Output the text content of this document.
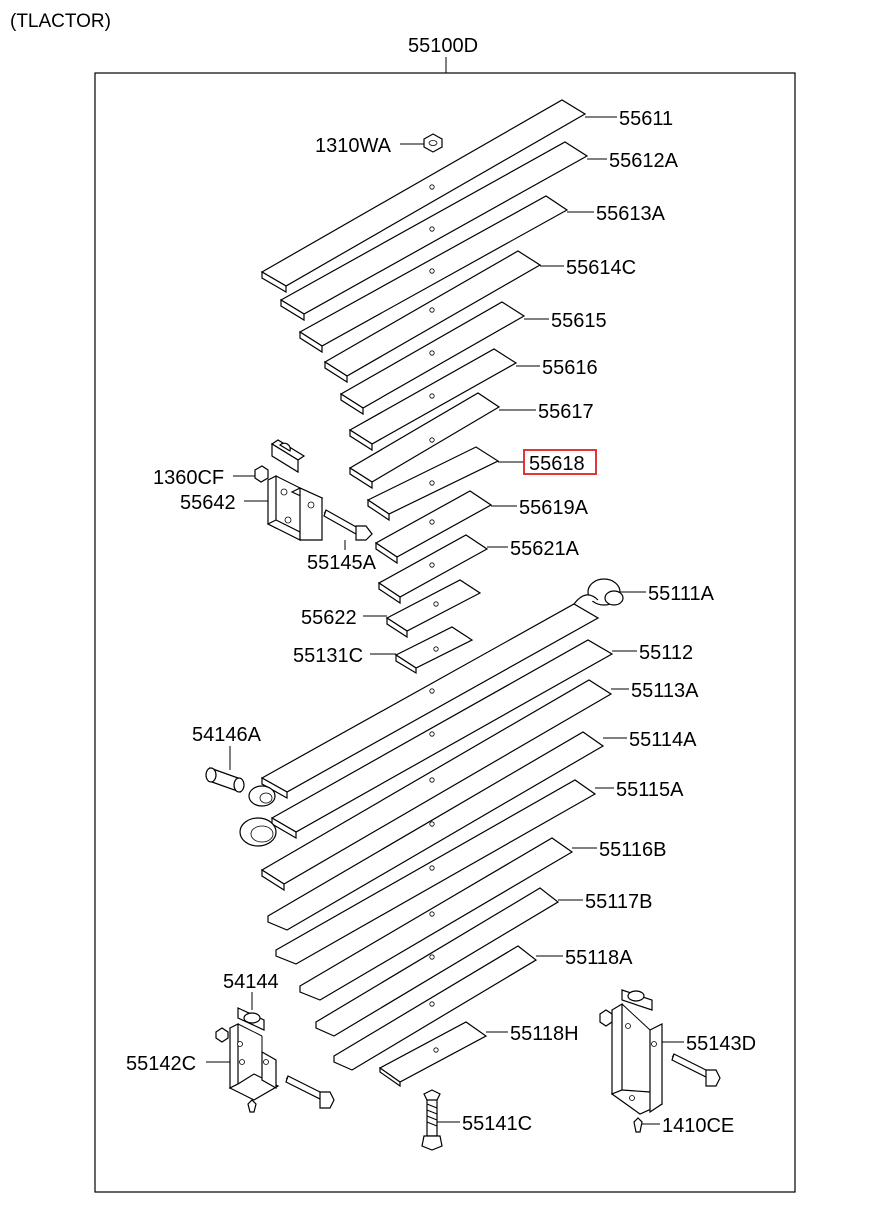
(TLACTOR)
55100D
55611
1310WA
55612A
55613A
55614C
55615
55616
55617
55618
1360CF
55642	55619A
55621A
55145A
55111A
55622
55131C	55112
55113A
54146A	55114A
55115A
55116B
55117B
55118A
54144
55118H	55143D
55142C
55141C	1410CE
